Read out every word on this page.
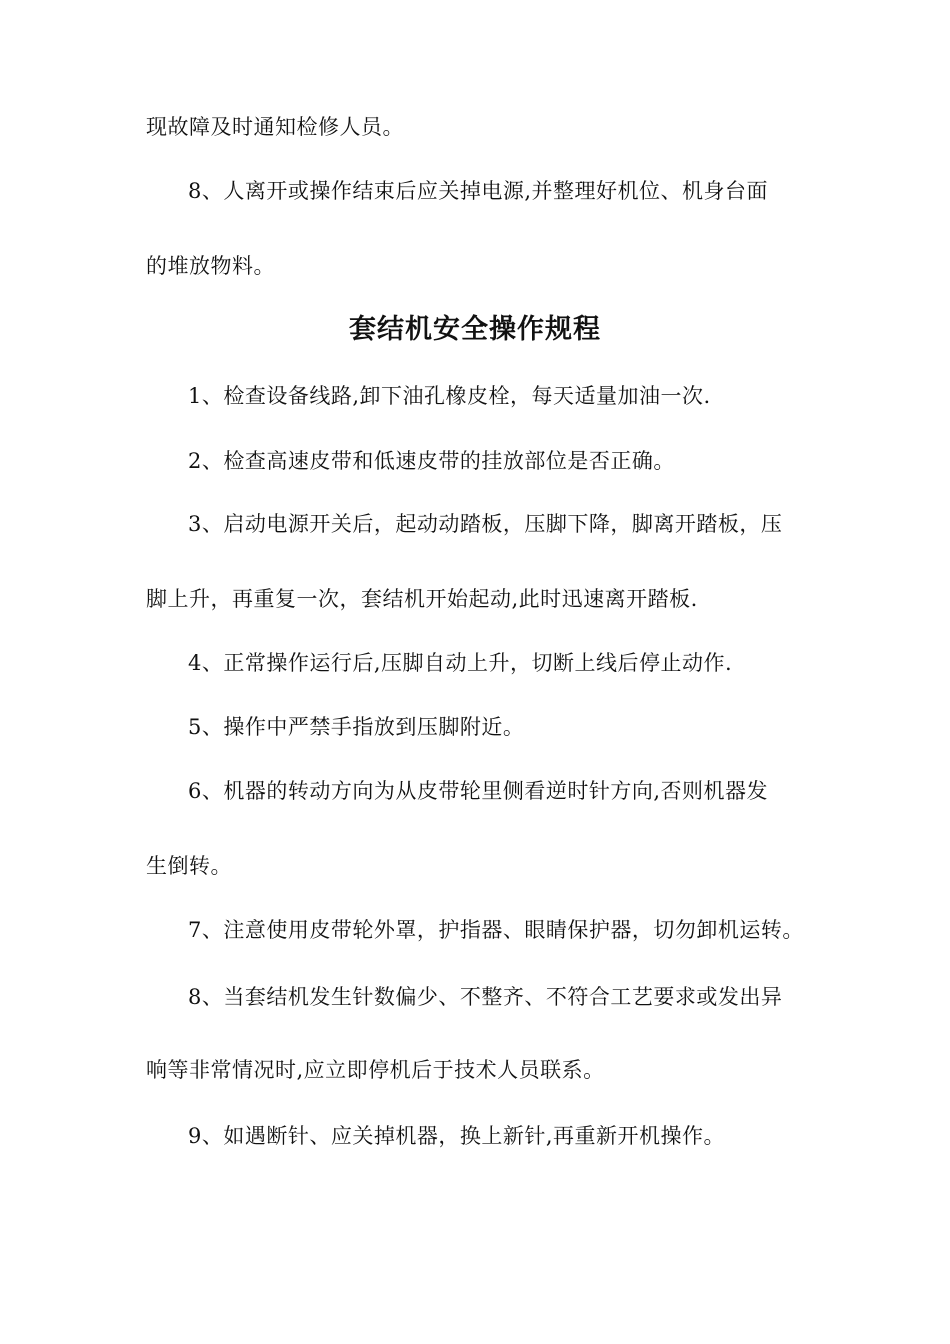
现故障及时通知检修人员。
8、人离开或操作结束后应关掉电源,并整理好机位、机身台面
的堆放物料。
套结机安全操作规程
1、检查设备线路,卸下油孔橡皮栓，每天适量加油一次.
2、检查高速皮带和低速皮带的挂放部位是否正确。
3、启动电源开关后，起动动踏板，压脚下降，脚离开踏板，压
脚上升，再重复一次，套结机开始起动,此时迅速离开踏板.
4、正常操作运行后,压脚自动上升，切断上线后停止动作.
5、操作中严禁手指放到压脚附近。
6、机器的转动方向为从皮带轮里侧看逆时针方向,否则机器发
生倒转。
7、注意使用皮带轮外罩，护指器、眼睛保护器，切勿卸机运转。
8、当套结机发生针数偏少、不整齐、不符合工艺要求或发出异
响等非常情况时,应立即停机后于技术人员联系。
9、如遇断针、应关掉机器，换上新针,再重新开机操作。
